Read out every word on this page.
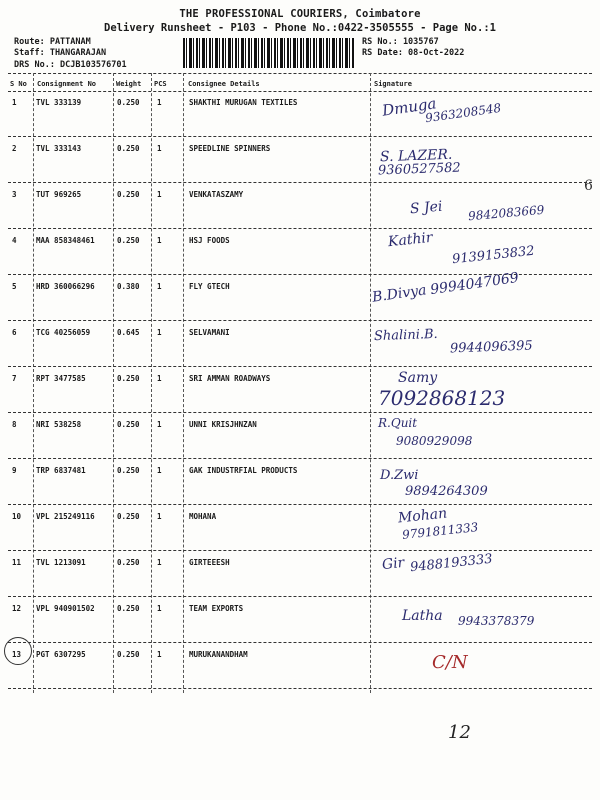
THE PROFESSIONAL COURIERS, Coimbatore
Delivery Runsheet - P103 - Phone No.:0422-3505555 - Page No.:1
Route: PATTANAM
Staff: THANGARAJAN
DRS No.: DCJB103576701
RS No.: 1035767
RS Date: 08-Oct-2022
S No Consignment No	Weight PCS	Consignee Details	Signature
1	TVL 333139	0.250 1	SHAKTHI MURUGAN TEXTILES	Dmuga
9363208548
2	TVL 333143	0.250 1	SPEEDLINE SPINNERS	S. LAZER.
9360527582
3	TUT 969265	0.250 1	VENKATASZAMY
S Jei 9842083669
4	MAA 858348461	0.250 1	HSJ FOODS	Kathir
9139153832
5	HRD 360066296	0.380 1	FLY GTECH	B.Divya 9994047069
6	TCG 40256059	0.645 1	SELVAMANI	Shalini.B.
9944096395
7	RPT 3477585	0.250 1	SRI AMMAN ROADWAYS	Samy
7092868123
8	NRI 538258	0.250 1	UNNI KRISJHNZAN	R.Quit
9080929098
9	TRP 6837481	0.250 1	GAK INDUSTRFIAL PRODUCTS	D.Zwi
9894264309
10 VPL 215249116	0.250 1	MOHANA	Mohan
9791811333
11 TVL 1213091	0.250 1	GIRTEEESH	Gir 9488193333
12 VPL 940901502	0.250 1	TEAM EXPORTS	Latha 9943378379
13 PGT 6307295	0.250 1	MURUKANANDHAM	C/N
6
12
